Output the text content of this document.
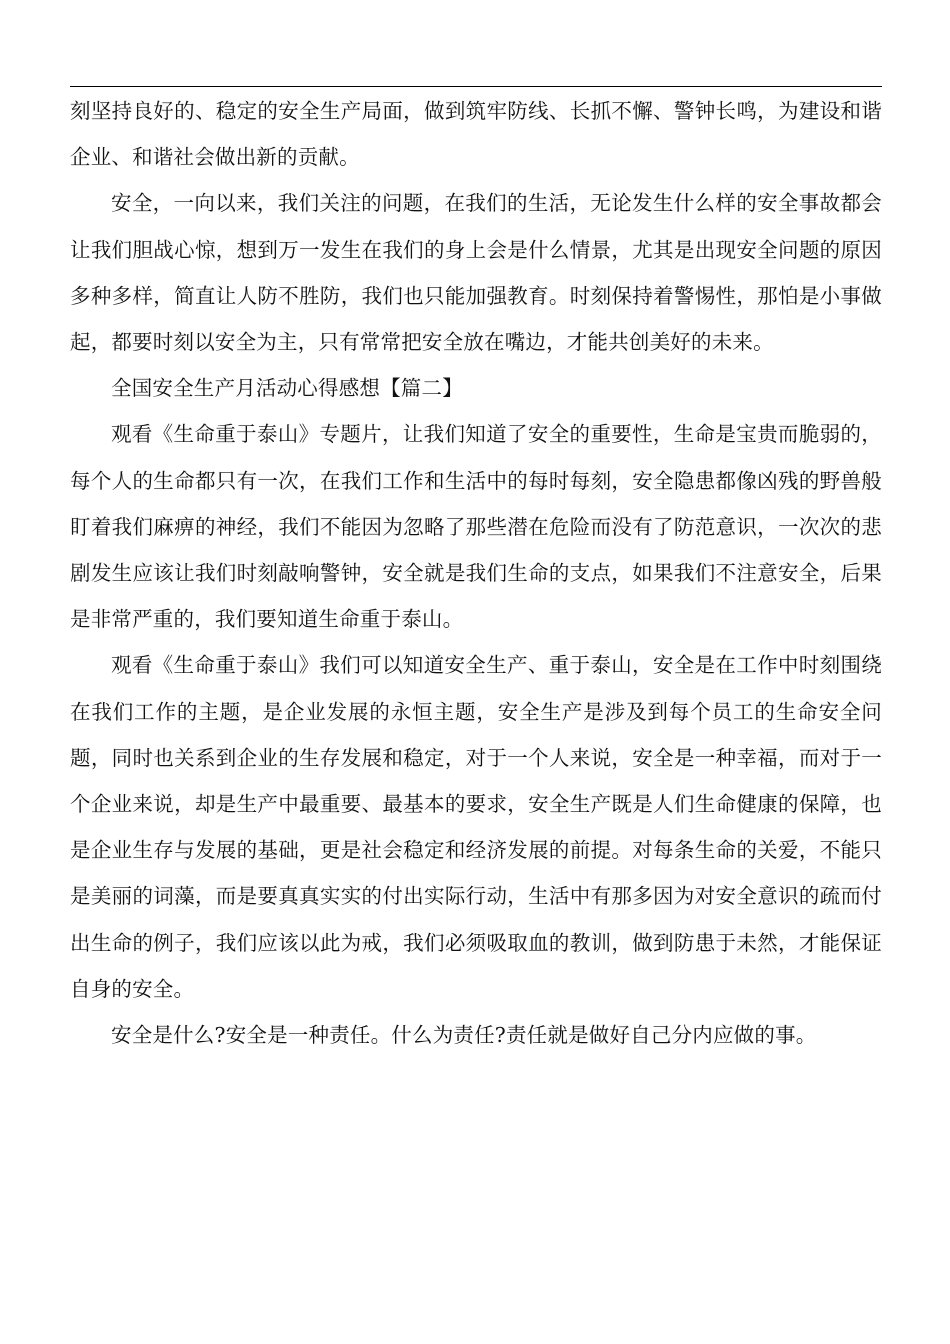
刻坚持良好的、稳定的安全生产局面，做到筑牢防线、长抓不懈、警钟长鸣，为建设和谐企业、和谐社会做出新的贡献。

安全，一向以来，我们关注的问题，在我们的生活，无论发生什么样的安全事故都会让我们胆战心惊，想到万一发生在我们的身上会是什么情景，尤其是出现安全问题的原因多种多样，简直让人防不胜防，我们也只能加强教育。时刻保持着警惕性，那怕是小事做起，都要时刻以安全为主，只有常常把安全放在嘴边，才能共创美好的未来。

全国安全生产月活动心得感想【篇二】

观看《生命重于泰山》专题片，让我们知道了安全的重要性，生命是宝贵而脆弱的，每个人的生命都只有一次，在我们工作和生活中的每时每刻，安全隐患都像凶残的野兽般盯着我们麻痹的神经，我们不能因为忽略了那些潜在危险而没有了防范意识，一次次的悲剧发生应该让我们时刻敲响警钟，安全就是我们生命的支点，如果我们不注意安全，后果是非常严重的，我们要知道生命重于泰山。

观看《生命重于泰山》我们可以知道安全生产、重于泰山，安全是在工作中时刻围绕在我们工作的主题，是企业发展的永恒主题，安全生产是涉及到每个员工的生命安全问题，同时也关系到企业的生存发展和稳定，对于一个人来说，安全是一种幸福，而对于一个企业来说，却是生产中最重要、最基本的要求，安全生产既是人们生命健康的保障，也是企业生存与发展的基础，更是社会稳定和经济发展的前提。对每条生命的关爱，不能只是美丽的词藻，而是要真真实实的付出实际行动，生活中有那多因为对安全意识的疏而付出生命的例子，我们应该以此为戒，我们必须吸取血的教训，做到防患于未然，才能保证自身的安全。

安全是什么?安全是一种责任。什么为责任?责任就是做好自己分内应做的事。
